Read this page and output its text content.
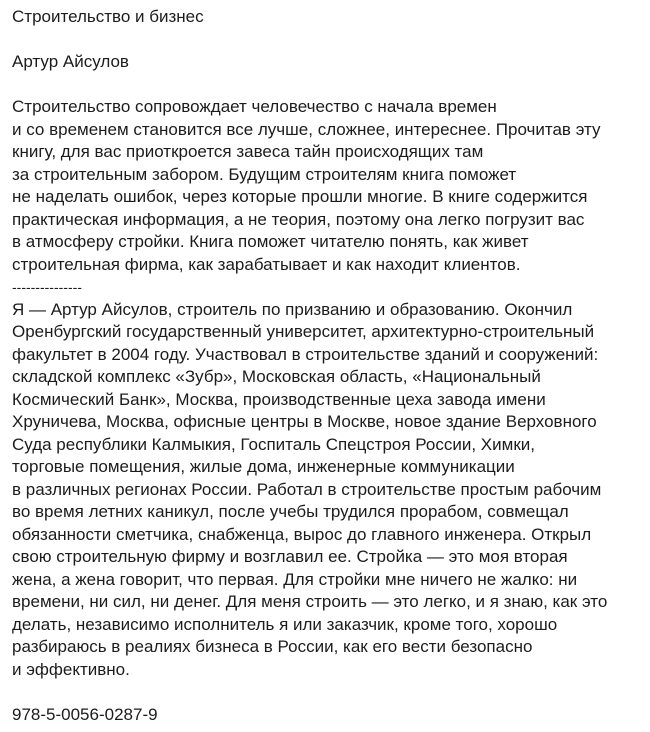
Строительство и бизнес
Артур Айсулов
Строительство сопровождает человечество с начала времен
и со временем становится все лучше, сложнее, интереснее. Прочитав эту
книгу, для вас приоткроется завеса тайн происходящих там
за строительным забором. Будущим строителям книга поможет
не наделать ошибок, через которые прошли многие. В книге содержится
практическая информация, а не теория, поэтому она легко погрузит вас
в атмосферу стройки. Книга поможет читателю понять, как живет
строительная фирма, как зарабатывает и как находит клиентов.
---------------
Я — Артур Айсулов, строитель по призванию и образованию. Окончил
Оренбургский государственный университет, архитектурно-строительный
факультет в 2004 году. Участвовал в строительстве зданий и сооружений:
складской комплекс «Зубр», Московская область, «Национальный
Космический Банк», Москва, производственные цеха завода имени
Хруничева, Москва, офисные центры в Москве, новое здание Верховного
Суда республики Калмыкия, Госпиталь Спецстроя России, Химки,
торговые помещения, жилые дома, инженерные коммуникации
в различных регионах России. Работал в строительстве простым рабочим
во время летних каникул, после учебы трудился прорабом, совмещал
обязанности сметчика, снабженца, вырос до главного инженера. Открыл
свою строительную фирму и возглавил ее. Стройка — это моя вторая
жена, а жена говорит, что первая. Для стройки мне ничего не жалко: ни
времени, ни сил, ни денег. Для меня строить — это легко, и я знаю, как это
делать, независимо исполнитель я или заказчик, кроме того, хорошо
разбираюсь в реалиях бизнеса в России, как его вести безопасно
и эффективно.
978-5-0056-0287-9
